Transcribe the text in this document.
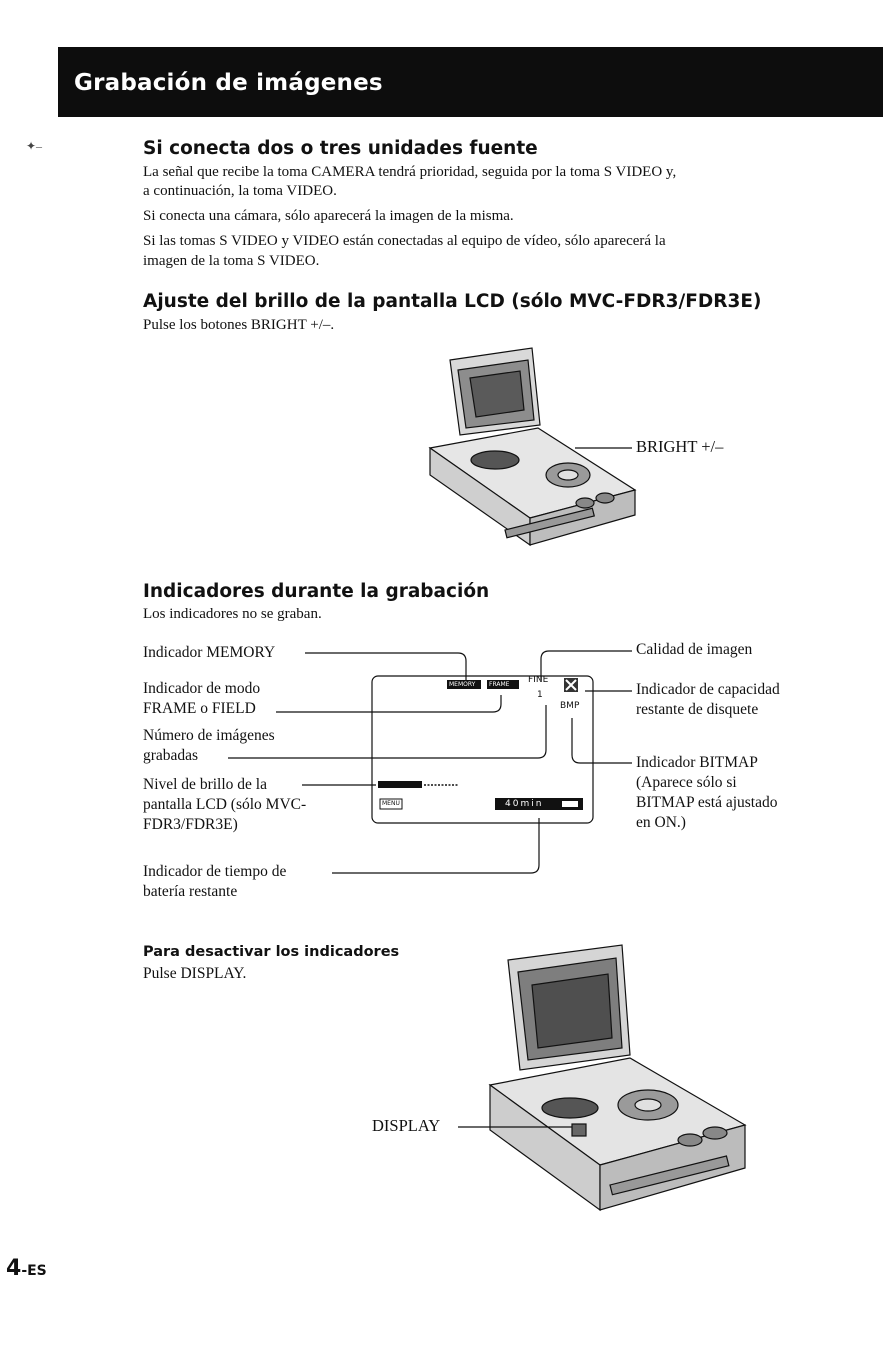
Grabación de imágenes
✦–	Si conecta dos o tres unidades fuente
La señal que recibe la toma CAMERA tendrá prioridad, seguida por la toma S VIDEO y,
a continuación, la toma VIDEO.
Si conecta una cámara, sólo aparecerá la imagen de la misma.
Si las tomas S VIDEO y VIDEO están conectadas al equipo de vídeo, sólo aparecerá la
imagen de la toma S VIDEO.
Ajuste del brillo de la pantalla LCD (sólo MVC-FDR3/FDR3E)
Pulse los botones BRIGHT +/–.
BRIGHT +/–
Indicadores durante la grabación
Los indicadores no se graban.
Indicador MEMORY
Indicador de modo
FRAME o FIELD
Número de imágenes
grabadas
Nivel de brillo de la
pantalla LCD (sólo MVC-
FDR3/FDR3E)
Indicador de tiempo de
batería restante
Calidad de imagen
Indicador de capacidad
restante de disquete
Indicador BITMAP
(Aparece sólo si
BITMAP está ajustado
en ON.)
FINE
1
BMP
MEMORY FRAME
MENU	40min
Para desactivar los indicadores
Pulse DISPLAY.
DISPLAY
4-ES
